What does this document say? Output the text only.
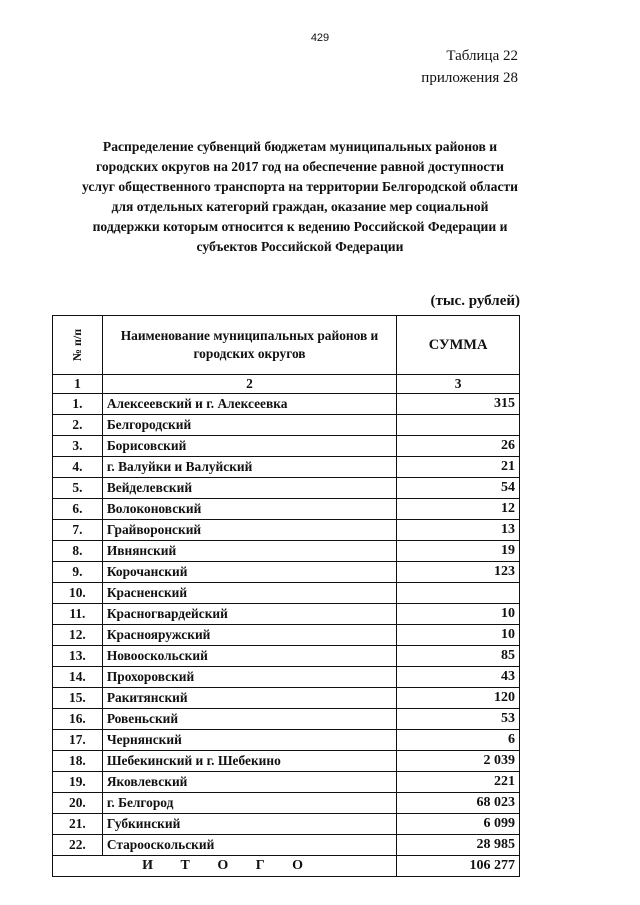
429
Таблица 22
приложения 28
Распределение субвенций бюджетам муниципальных районов и
городских округов на 2017 год на обеспечение равной доступности
услуг общественного транспорта на территории Белгородской области
для отдельных категорий граждан, оказание мер социальной
поддержки которым относится к ведению Российской Федерации и
субъектов Российской Федерации
(тыс. рублей)
№ п/п	Наименование муниципальных районов и городских округов	СУММА
1	2	3
1.	Алексеевский и г. Алексеевка	315
2.	Белгородский	
3.	Борисовский	26
4.	г. Валуйки и Валуйский	21
5.	Вейделевский	54
6.	Волоконовский	12
7.	Грайворонский	13
8.	Ивнянский	19
9.	Корочанский	123
10.	Красненский	
11.	Красногвардейский	10
12.	Краснояружский	10
13.	Новооскольский	85
14.	Прохоровский	43
15.	Ракитянский	120
16.	Ровеньский	53
17.	Чернянский	6
18.	Шебекинский и г. Шебекино	2 039
19.	Яковлевский	221
20.	г. Белгород	68 023
21.	Губкинский	6 099
22.	Старооскольский	28 985
И Т О Г О		106 277
